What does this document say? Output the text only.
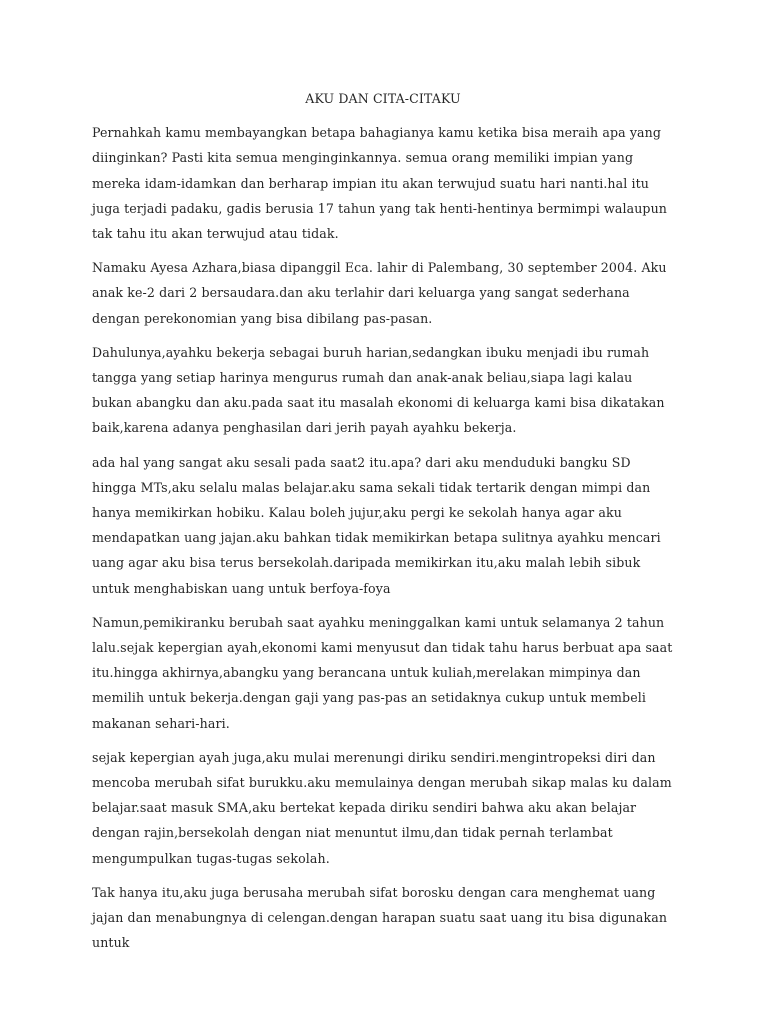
AKU DAN CITA-CITAKU

Pernahkah kamu membayangkan betapa bahagianya kamu ketika bisa meraih apa yang diinginkan? Pasti kita semua menginginkannya. semua orang memiliki impian yang mereka idam-idamkan dan berharap impian itu akan terwujud suatu hari nanti.hal itu juga terjadi padaku, gadis berusia 17 tahun yang tak henti-hentinya bermimpi walaupun tak tahu itu akan terwujud atau tidak.

Namaku Ayesa Azhara,biasa dipanggil Eca. lahir di Palembang, 30 september 2004. Aku anak ke-2 dari 2 bersaudara.dan aku terlahir dari keluarga yang sangat sederhana dengan perekonomian yang bisa dibilang pas-pasan.

Dahulunya,ayahku bekerja sebagai buruh harian,sedangkan ibuku menjadi ibu rumah tangga yang setiap harinya mengurus rumah dan anak-anak beliau,siapa lagi kalau bukan abangku dan aku.pada saat itu masalah ekonomi di keluarga kami bisa dikatakan baik,karena adanya penghasilan dari jerih payah ayahku bekerja.

ada hal yang sangat aku sesali pada saat2 itu.apa? dari aku menduduki bangku SD hingga MTs,aku selalu malas belajar.aku sama sekali tidak tertarik dengan mimpi dan hanya memikirkan hobiku. Kalau boleh jujur,aku pergi ke sekolah hanya agar aku mendapatkan uang jajan.aku bahkan tidak memikirkan betapa sulitnya ayahku mencari uang agar aku bisa terus bersekolah.daripada memikirkan itu,aku malah lebih sibuk untuk menghabiskan uang untuk berfoya-foya

Namun,pemikiranku berubah saat ayahku meninggalkan kami untuk selamanya 2 tahun lalu.sejak kepergian ayah,ekonomi kami menyusut dan tidak tahu harus berbuat apa saat itu.hingga akhirnya,abangku yang berancana untuk kuliah,merelakan mimpinya dan memilih untuk bekerja.dengan gaji yang pas-pas an setidaknya cukup untuk membeli makanan sehari-hari.

sejak kepergian ayah juga,aku mulai merenungi diriku sendiri.mengintropeksi diri dan mencoba merubah sifat burukku.aku memulainya dengan merubah sikap malas ku dalam belajar.saat masuk SMA,aku bertekat kepada diriku sendiri bahwa aku akan belajar dengan rajin,bersekolah dengan niat menuntut ilmu,dan tidak pernah terlambat mengumpulkan tugas-tugas sekolah.

Tak hanya itu,aku juga berusaha merubah sifat borosku dengan cara menghemat uang jajan dan menabungnya di celengan.dengan harapan suatu saat uang itu bisa digunakan untuk
